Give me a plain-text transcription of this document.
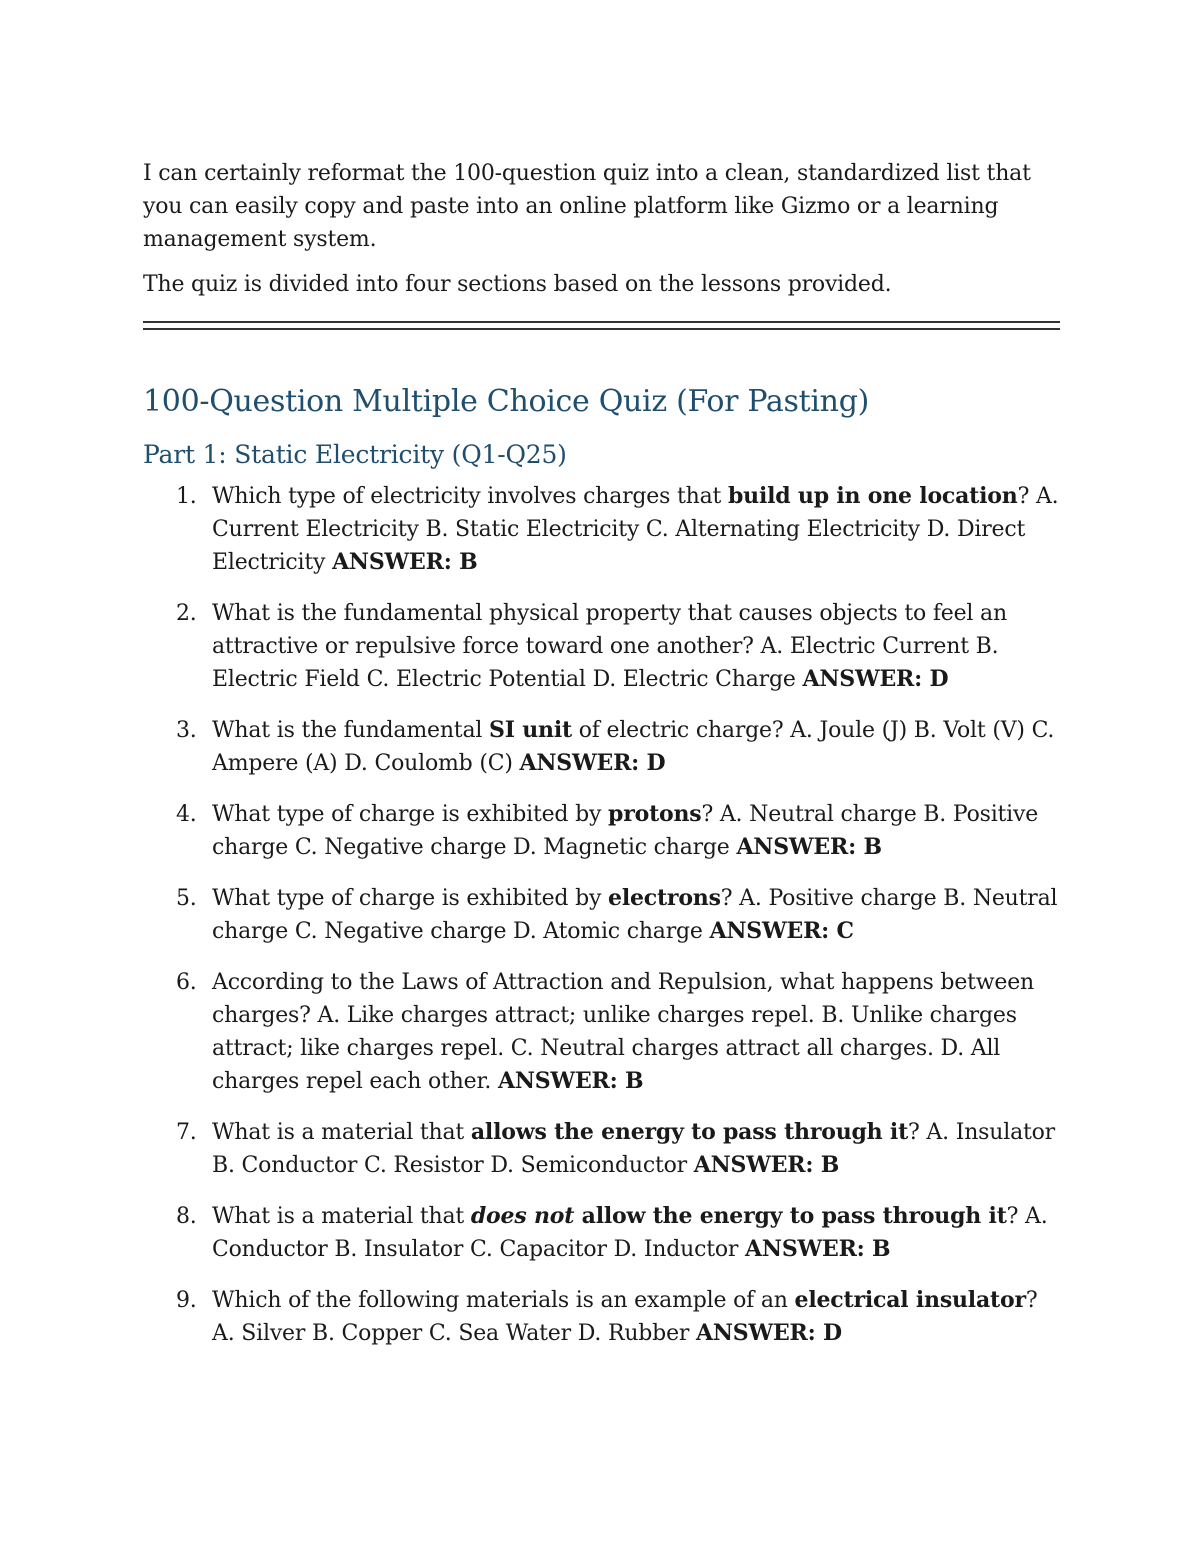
I can certainly reformat the 100-question quiz into a clean, standardized list that you can easily copy and paste into an online platform like Gizmo or a learning management system.

The quiz is divided into four sections based on the lessons provided.

100-Question Multiple Choice Quiz (For Pasting)
Part 1: Static Electricity (Q1-Q25)
1. Which type of electricity involves charges that build up in one location? A. Current Electricity B. Static Electricity C. Alternating Electricity D. Direct Electricity ANSWER: B
2. What is the fundamental physical property that causes objects to feel an attractive or repulsive force toward one another? A. Electric Current B. Electric Field C. Electric Potential D. Electric Charge ANSWER: D
3. What is the fundamental SI unit of electric charge? A. Joule (J) B. Volt (V) C. Ampere (A) D. Coulomb (C) ANSWER: D
4. What type of charge is exhibited by protons? A. Neutral charge B. Positive charge C. Negative charge D. Magnetic charge ANSWER: B
5. What type of charge is exhibited by electrons? A. Positive charge B. Neutral charge C. Negative charge D. Atomic charge ANSWER: C
6. According to the Laws of Attraction and Repulsion, what happens between charges? A. Like charges attract; unlike charges repel. B. Unlike charges attract; like charges repel. C. Neutral charges attract all charges. D. All charges repel each other. ANSWER: B
7. What is a material that allows the energy to pass through it? A. Insulator B. Conductor C. Resistor D. Semiconductor ANSWER: B
8. What is a material that does not allow the energy to pass through it? A. Conductor B. Insulator C. Capacitor D. Inductor ANSWER: B
9. Which of the following materials is an example of an electrical insulator? A. Silver B. Copper C. Sea Water D. Rubber ANSWER: D
